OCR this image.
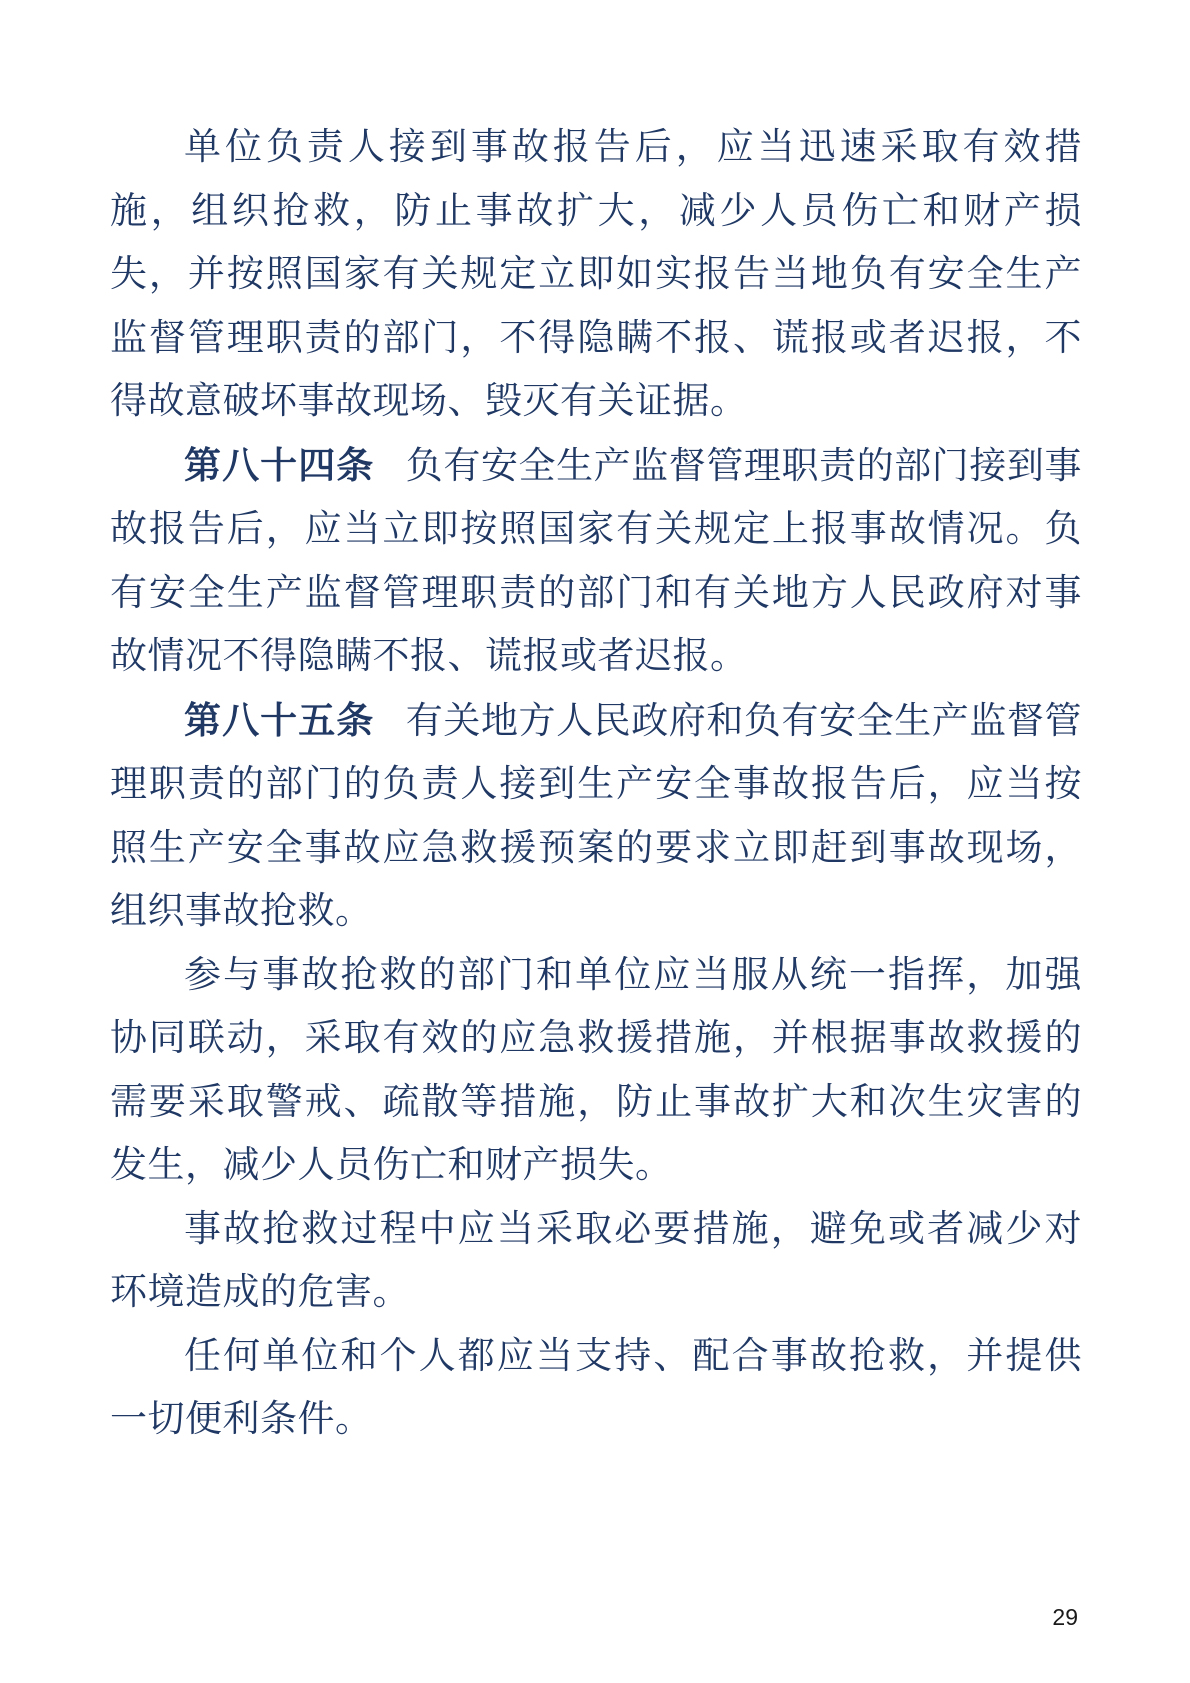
单位负责人接到事故报告后，应当迅速采取有效措施，组织抢救，防止事故扩大，减少人员伤亡和财产损失，并按照国家有关规定立即如实报告当地负有安全生产监督管理职责的部门，不得隐瞒不报、谎报或者迟报，不得故意破坏事故现场、毁灭有关证据。

第八十四条 负有安全生产监督管理职责的部门接到事故报告后，应当立即按照国家有关规定上报事故情况。负有安全生产监督管理职责的部门和有关地方人民政府对事故情况不得隐瞒不报、谎报或者迟报。

第八十五条 有关地方人民政府和负有安全生产监督管理职责的部门的负责人接到生产安全事故报告后，应当按照生产安全事故应急救援预案的要求立即赶到事故现场，组织事故抢救。

参与事故抢救的部门和单位应当服从统一指挥，加强协同联动，采取有效的应急救援措施，并根据事故救援的需要采取警戒、疏散等措施，防止事故扩大和次生灾害的发生，减少人员伤亡和财产损失。

事故抢救过程中应当采取必要措施，避免或者减少对环境造成的危害。

任何单位和个人都应当支持、配合事故抢救，并提供一切便利条件。

29
